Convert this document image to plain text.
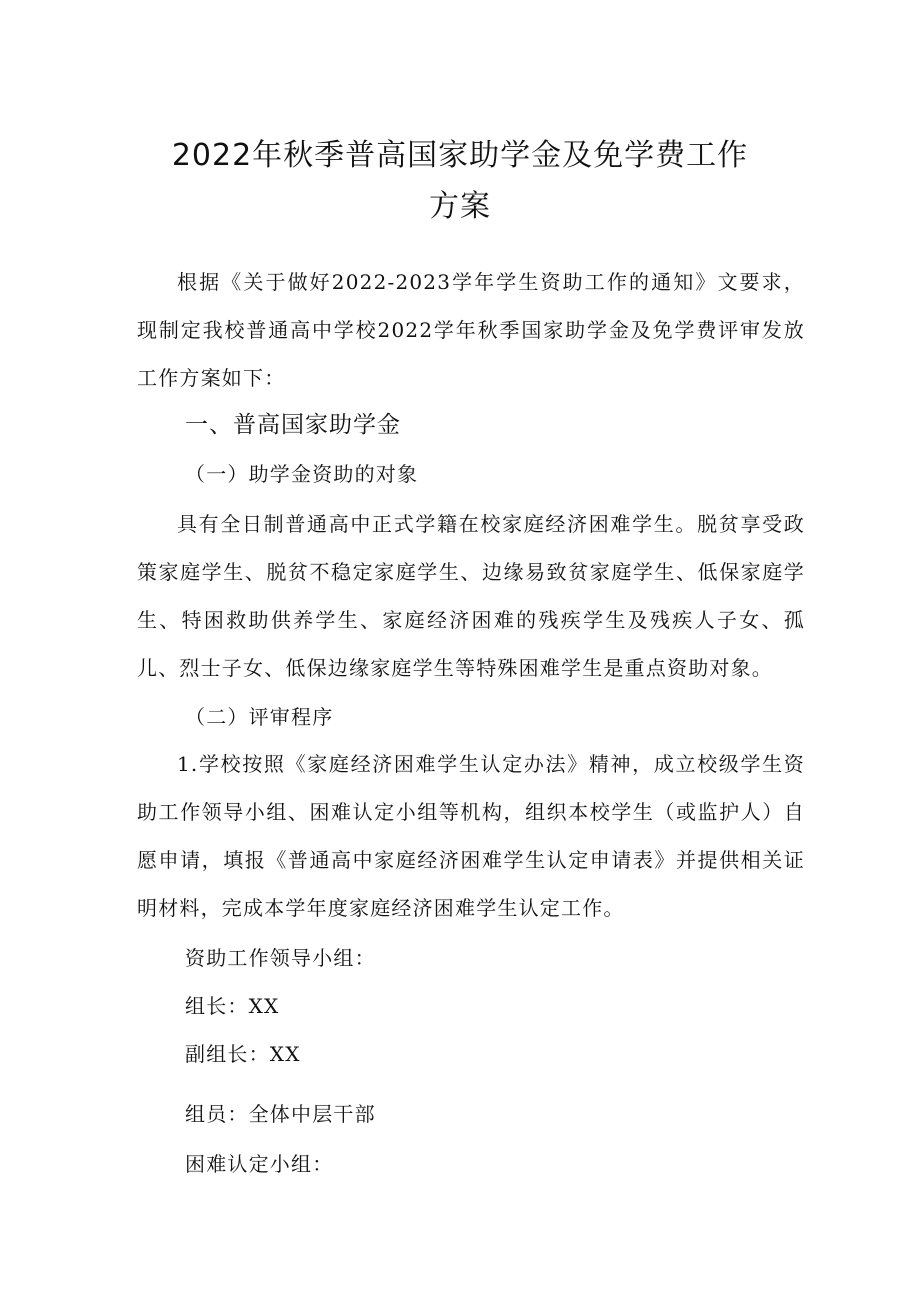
2022年秋季普高国家助学金及免学费工作
方案
根据《关于做好2022-2023学年学生资助工作的通知》文要求，现制定我校普通高中学校2022学年秋季国家助学金及免学费评审发放工作方案如下：
一、普高国家助学金
（一）助学金资助的对象
具有全日制普通高中正式学籍在校家庭经济困难学生。脱贫享受政策家庭学生、脱贫不稳定家庭学生、边缘易致贫家庭学生、低保家庭学生、特困救助供养学生、家庭经济困难的残疾学生及残疾人子女、孤儿、烈士子女、低保边缘家庭学生等特殊困难学生是重点资助对象。
（二）评审程序
1.学校按照《家庭经济困难学生认定办法》精神，成立校级学生资助工作领导小组、困难认定小组等机构，组织本校学生（或监护人）自愿申请，填报《普通高中家庭经济困难学生认定申请表》并提供相关证明材料，完成本学年度家庭经济困难学生认定工作。
资助工作领导小组：
组长：XX
副组长：XX
组员：全体中层干部
困难认定小组：
